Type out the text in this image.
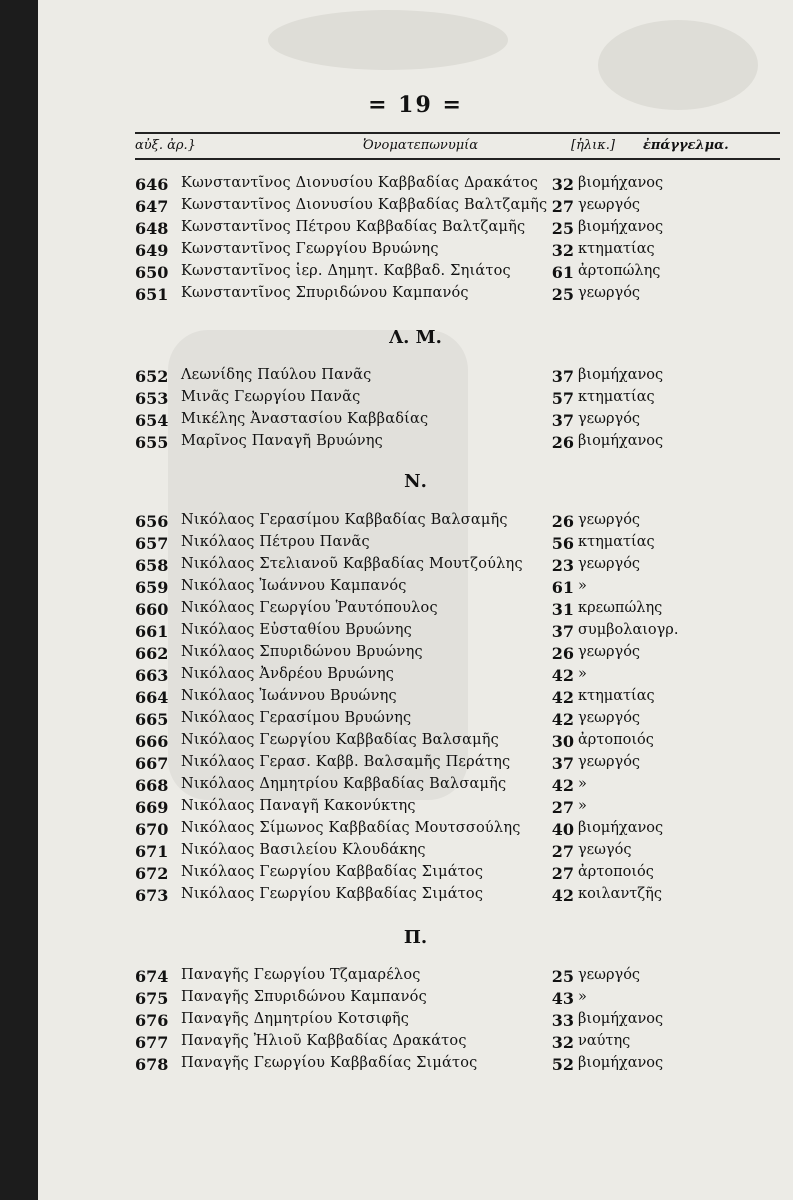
= 19 =
αὐξ. ἀρ.}	Ὀνοματεπωνυμία	[ἡλικ.] ἐπάγγελμα.
646 Κωνσταντῖνος Διονυσίου Καββαδίας Δρακάτος 32 βιομήχανος
647 Κωνσταντῖνος Διονυσίου Καββαδίας Βαλτζαμῆς 27 γεωργός
648 Κωνσταντῖνος Πέτρου Καββαδίας Βαλτζαμῆς	25 βιομήχανος
649 Κωνσταντῖνος Γεωργίου Βρυώνης	32 κτηματίας
650 Κωνσταντῖνος ἱερ. Δημητ. Καββαδ. Σηιάτος	61 ἀρτοπώλης
651 Κωνσταντῖνος Σπυριδώνου Καμπανός	25 γεωργός
Λ. Μ.
652 Λεωνίδης Παύλου Πανᾶς	37 βιομήχανος
653 Μινᾶς Γεωργίου Πανᾶς	57 κτηματίας
654 Μικέλης Ἀναστασίου Καββαδίας	37 γεωργός
655 Μαρῖνος Παναγῆ Βρυώνης	26 βιομήχανος
Ν.
656 Νικόλαος Γερασίμου Καββαδίας Βαλσαμῆς	26 γεωργός
657 Νικόλαος Πέτρου Πανᾶς	56 κτηματίας
658 Νικόλαος Στελιανοῦ Καββαδίας Μουτζούλης	23 γεωργός
659 Νικόλαος Ἰωάννου Καμπανός	61 »
660 Νικόλαος Γεωργίου Ῥαυτόπουλος	31 κρεωπώλης
661 Νικόλαος Εὐσταθίου Βρυώνης	37 συμβολαιογρ.
662 Νικόλαος Σπυριδώνου Βρυώνης	26 γεωργός
663 Νικόλαος Ἀνδρέου Βρυώνης	42 »
664 Νικόλαος Ἰωάννου Βρυώνης	42 κτηματίας
665 Νικόλαος Γερασίμου Βρυώνης	42 γεωργός
666 Νικόλαος Γεωργίου Καββαδίας Βαλσαμῆς	30 ἀρτοποιός
667 Νικόλαος Γερασ. Καββ. Βαλσαμῆς Περάτης	37 γεωργός
668 Νικόλαος Δημητρίου Καββαδίας Βαλσαμῆς	42 »
669 Νικόλαος Παναγῆ Κακονύκτης	27 »
670 Νικόλαος Σίμωνος Καββαδίας Μουτσσούλης	40 βιομήχανος
671 Νικόλαος Βασιλείου Κλουδάκης	27 γεωγός
672 Νικόλαος Γεωργίου Καββαδίας Σιμάτος	27 ἀρτοποιός
673 Νικόλαος Γεωργίου Καββαδίας Σιμάτος	42 κοιλαντζῆς
Π.
674 Παναγῆς Γεωργίου Τζαμαρέλος	25 γεωργός
675 Παναγῆς Σπυριδώνου Καμπανός	43 »
676 Παναγῆς Δημητρίου Κοτσιφῆς	33 βιομήχανος
677 Παναγῆς Ἠλιοῦ Καββαδίας Δρακάτος	32 ναύτης
678 Παναγῆς Γεωργίου Καββαδίας Σιμάτος	52 βιομήχανος
